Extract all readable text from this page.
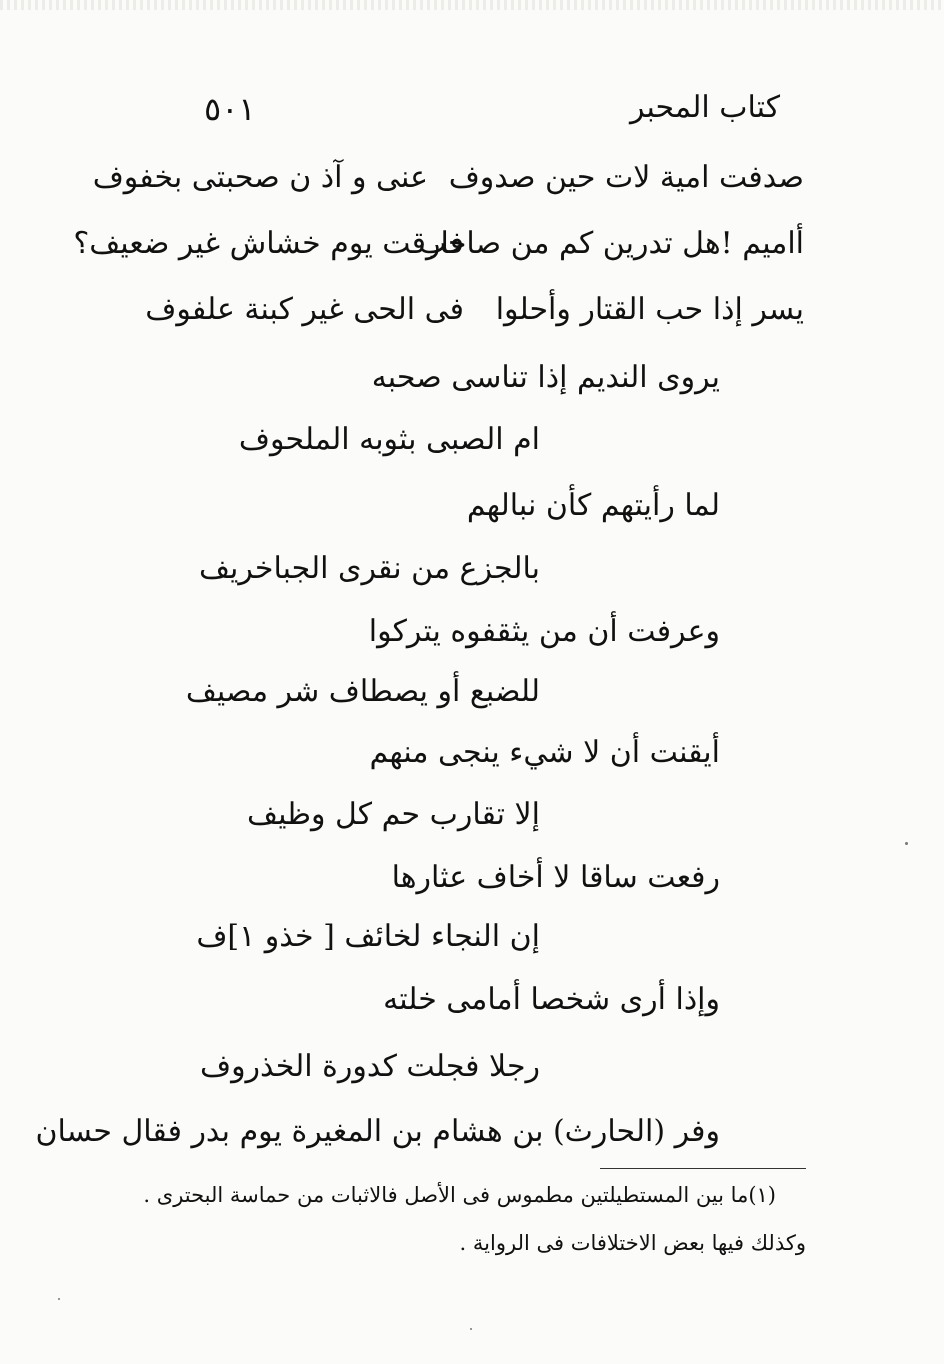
٥٠١	كتاب المحبر
صدفت امية لات حين صدوف
عنى و آذ ن صحبتى بخفوف
أاميم !هل تدرين كم من صاحب
فارقت يوم خشاش غير ضعيف؟
يسر إذا حب القتار وأحلوا
فى الحى غير كبنة علفوف
يروى النديم إذا تناسى صحبه
ام الصبى بثوبه الملحوف
لما رأيتهم كأن نبالهم
بالجزع من نقرى الجباخريف
وعرفت أن من يثقفوه يتركوا
للضبع أو يصطاف شر مصيف
أيقنت أن لا شيء ينجى منهم
إلا تقارب حم كل وظيف
رفعت ساقا لا أخاف عثارها
إن النجاء لخائف [ خذو ١]ف
وإذا أرى شخصا أمامى خلته
رجلا فجلت كدورة الخذروف
وفر (الحارث) بن هشام بن المغيرة يوم بدر فقال حسان
(١)ما بين المستطيلتين مطموس فى الأصل فالاثبات من حماسة البحترى .
وكذلك فيها بعض الاختلافات فى الرواية .
